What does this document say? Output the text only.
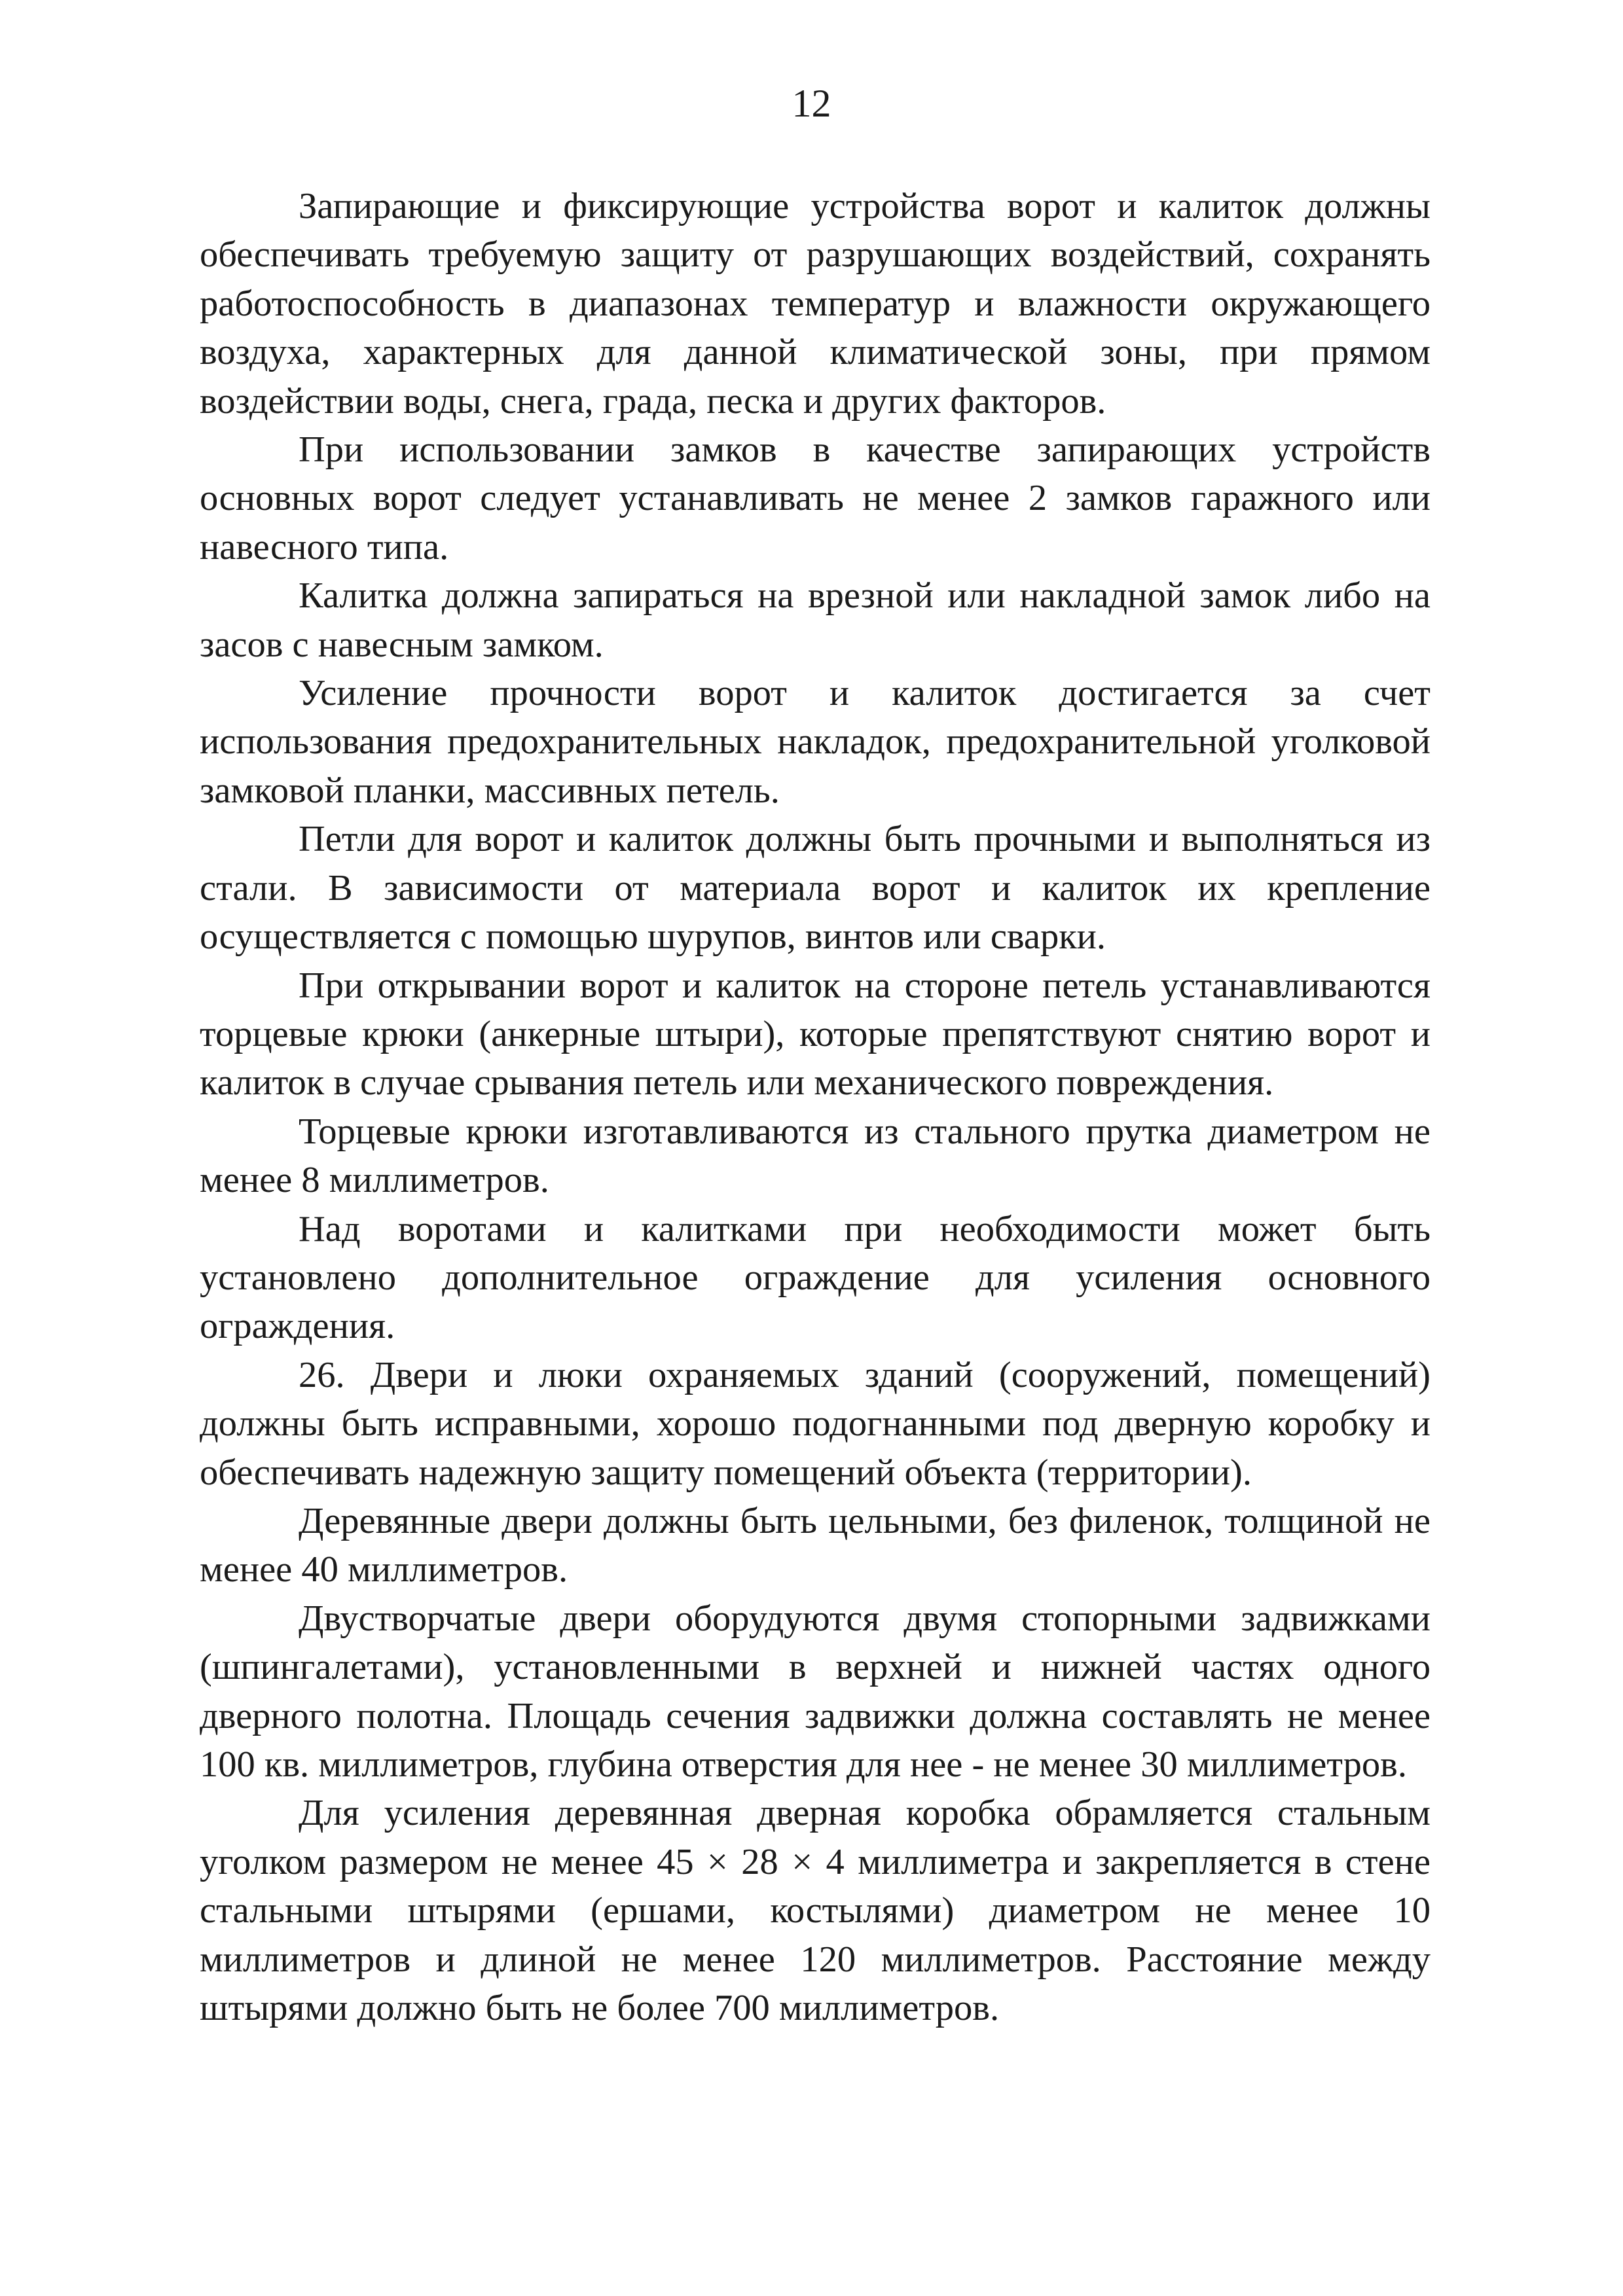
12

Запирающие и фиксирующие устройства ворот и калиток должны обеспечивать требуемую защиту от разрушающих воздействий, сохранять работоспособность в диапазонах температур и влажности окружающего воздуха, характерных для данной климатической зоны, при прямом воздействии воды, снега, града, песка и других факторов.

При использовании замков в качестве запирающих устройств основных ворот следует устанавливать не менее 2 замков гаражного или навесного типа.

Калитка должна запираться на врезной или накладной замок либо на засов с навесным замком.

Усиление прочности ворот и калиток достигается за счет использования предохранительных накладок, предохранительной уголковой замковой планки, массивных петель.

Петли для ворот и калиток должны быть прочными и выполняться из стали. В зависимости от материала ворот и калиток их крепление осуществляется с помощью шурупов, винтов или сварки.

При открывании ворот и калиток на стороне петель устанавливаются торцевые крюки (анкерные штыри), которые препятствуют снятию ворот и калиток в случае срывания петель или механического повреждения.

Торцевые крюки изготавливаются из стального прутка диаметром не менее 8 миллиметров.

Над воротами и калитками при необходимости может быть установлено дополнительное ограждение для усиления основного ограждения.

26. Двери и люки охраняемых зданий (сооружений, помещений) должны быть исправными, хорошо подогнанными под дверную коробку и обеспечивать надежную защиту помещений объекта (территории).

Деревянные двери должны быть цельными, без филенок, толщиной не менее 40 миллиметров.

Двустворчатые двери оборудуются двумя стопорными задвижками (шпингалетами), установленными в верхней и нижней частях одного дверного полотна. Площадь сечения задвижки должна составлять не менее 100 кв. миллиметров, глубина отверстия для нее - не менее 30 миллиметров.

Для усиления деревянная дверная коробка обрамляется стальным уголком размером не менее 45 × 28 × 4 миллиметра и закрепляется в стене стальными штырями (ершами, костылями) диаметром не менее 10 миллиметров и длиной не менее 120 миллиметров. Расстояние между штырями должно быть не более 700 миллиметров.
